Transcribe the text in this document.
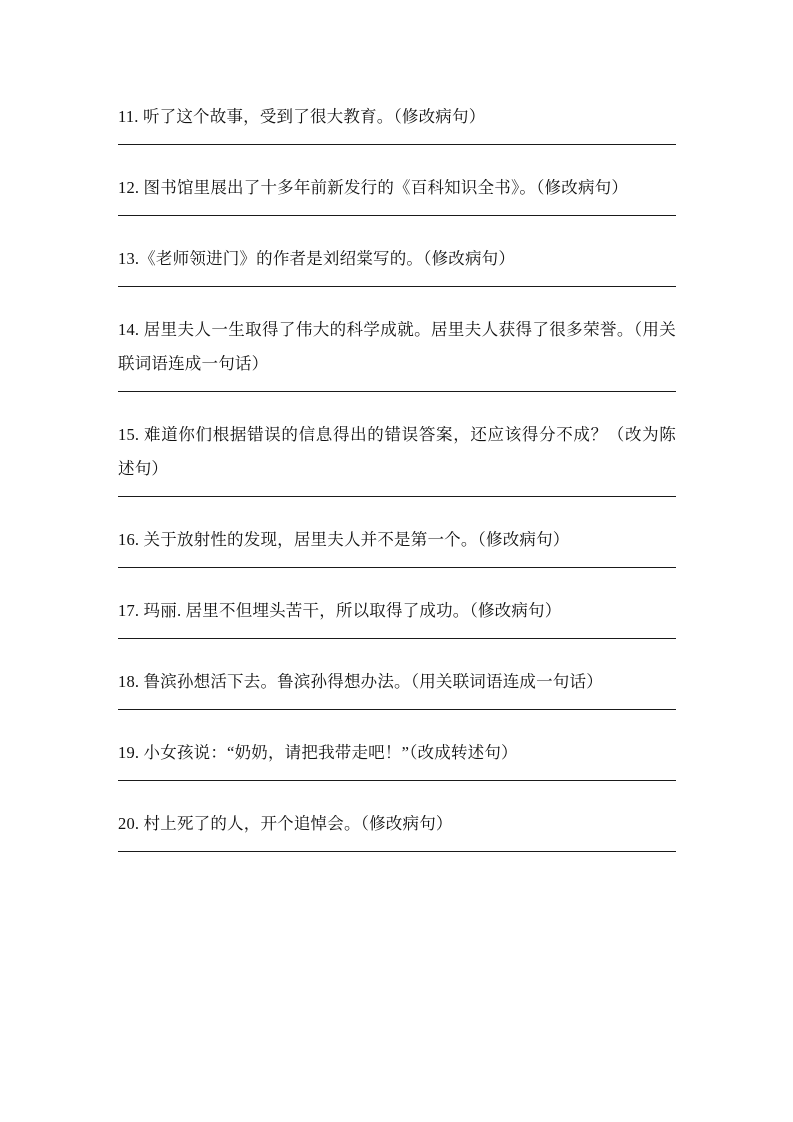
11. 听了这个故事，受到了很大教育。（修改病句）
12. 图书馆里展出了十多年前新发行的《百科知识全书》。（修改病句）
13.《老师领进门》的作者是刘绍棠写的。（修改病句）
14. 居里夫人一生取得了伟大的科学成就。居里夫人获得了很多荣誉。（用关联词语连成一句话）
15. 难道你们根据错误的信息得出的错误答案，还应该得分不成？（改为陈述句）
16. 关于放射性的发现，居里夫人并不是第一个。（修改病句）
17. 玛丽. 居里不但埋头苦干，所以取得了成功。（修改病句）
18. 鲁滨孙想活下去。鲁滨孙得想办法。（用关联词语连成一句话）
19. 小女孩说：“奶奶，请把我带走吧！”（改成转述句）
20. 村上死了的人，开个追悼会。（修改病句）
